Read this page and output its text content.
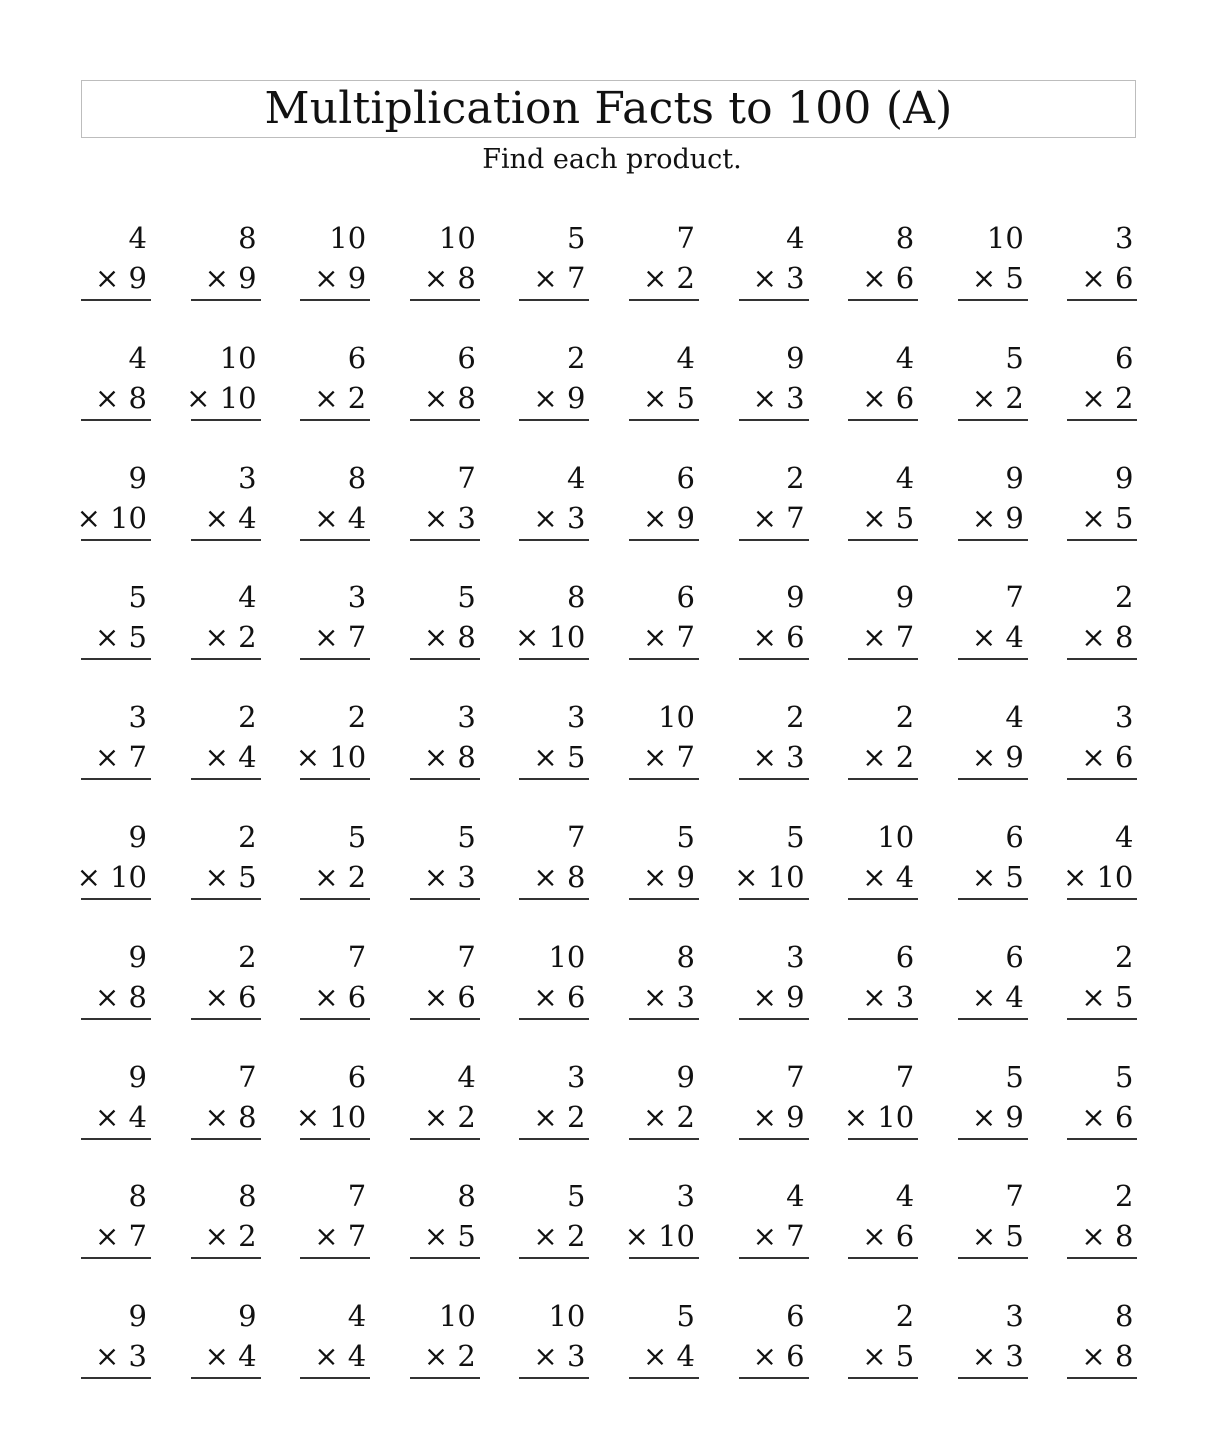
Multiplication Facts to 100 (A)

Find each product.

4
× 9
8
× 9
10
× 9
10
× 8
5
× 7
7
× 2
4
× 3
8
× 6
10
× 5
3
× 6
4
× 8
10
× 10
6
× 2
6
× 8
2
× 9
4
× 5
9
× 3
4
× 6
5
× 2
6
× 2
9
× 10
3
× 4
8
× 4
7
× 3
4
× 3
6
× 9
2
× 7
4
× 5
9
× 9
9
× 5
5
× 5
4
× 2
3
× 7
5
× 8
8
× 10
6
× 7
9
× 6
9
× 7
7
× 4
2
× 8
3
× 7
2
× 4
2
× 10
3
× 8
3
× 5
10
× 7
2
× 3
2
× 2
4
× 9
3
× 6
9
× 10
2
× 5
5
× 2
5
× 3
7
× 8
5
× 9
5
× 10
10
× 4
6
× 5
4
× 10
9
× 8
2
× 6
7
× 6
7
× 6
10
× 6
8
× 3
3
× 9
6
× 3
6
× 4
2
× 5
9
× 4
7
× 8
6
× 10
4
× 2
3
× 2
9
× 2
7
× 9
7
× 10
5
× 9
5
× 6
8
× 7
8
× 2
7
× 7
8
× 5
5
× 2
3
× 10
4
× 7
4
× 6
7
× 5
2
× 8
9
× 3
9
× 4
4
× 4
10
× 2
10
× 3
5
× 4
6
× 6
2
× 5
3
× 3
8
× 8
